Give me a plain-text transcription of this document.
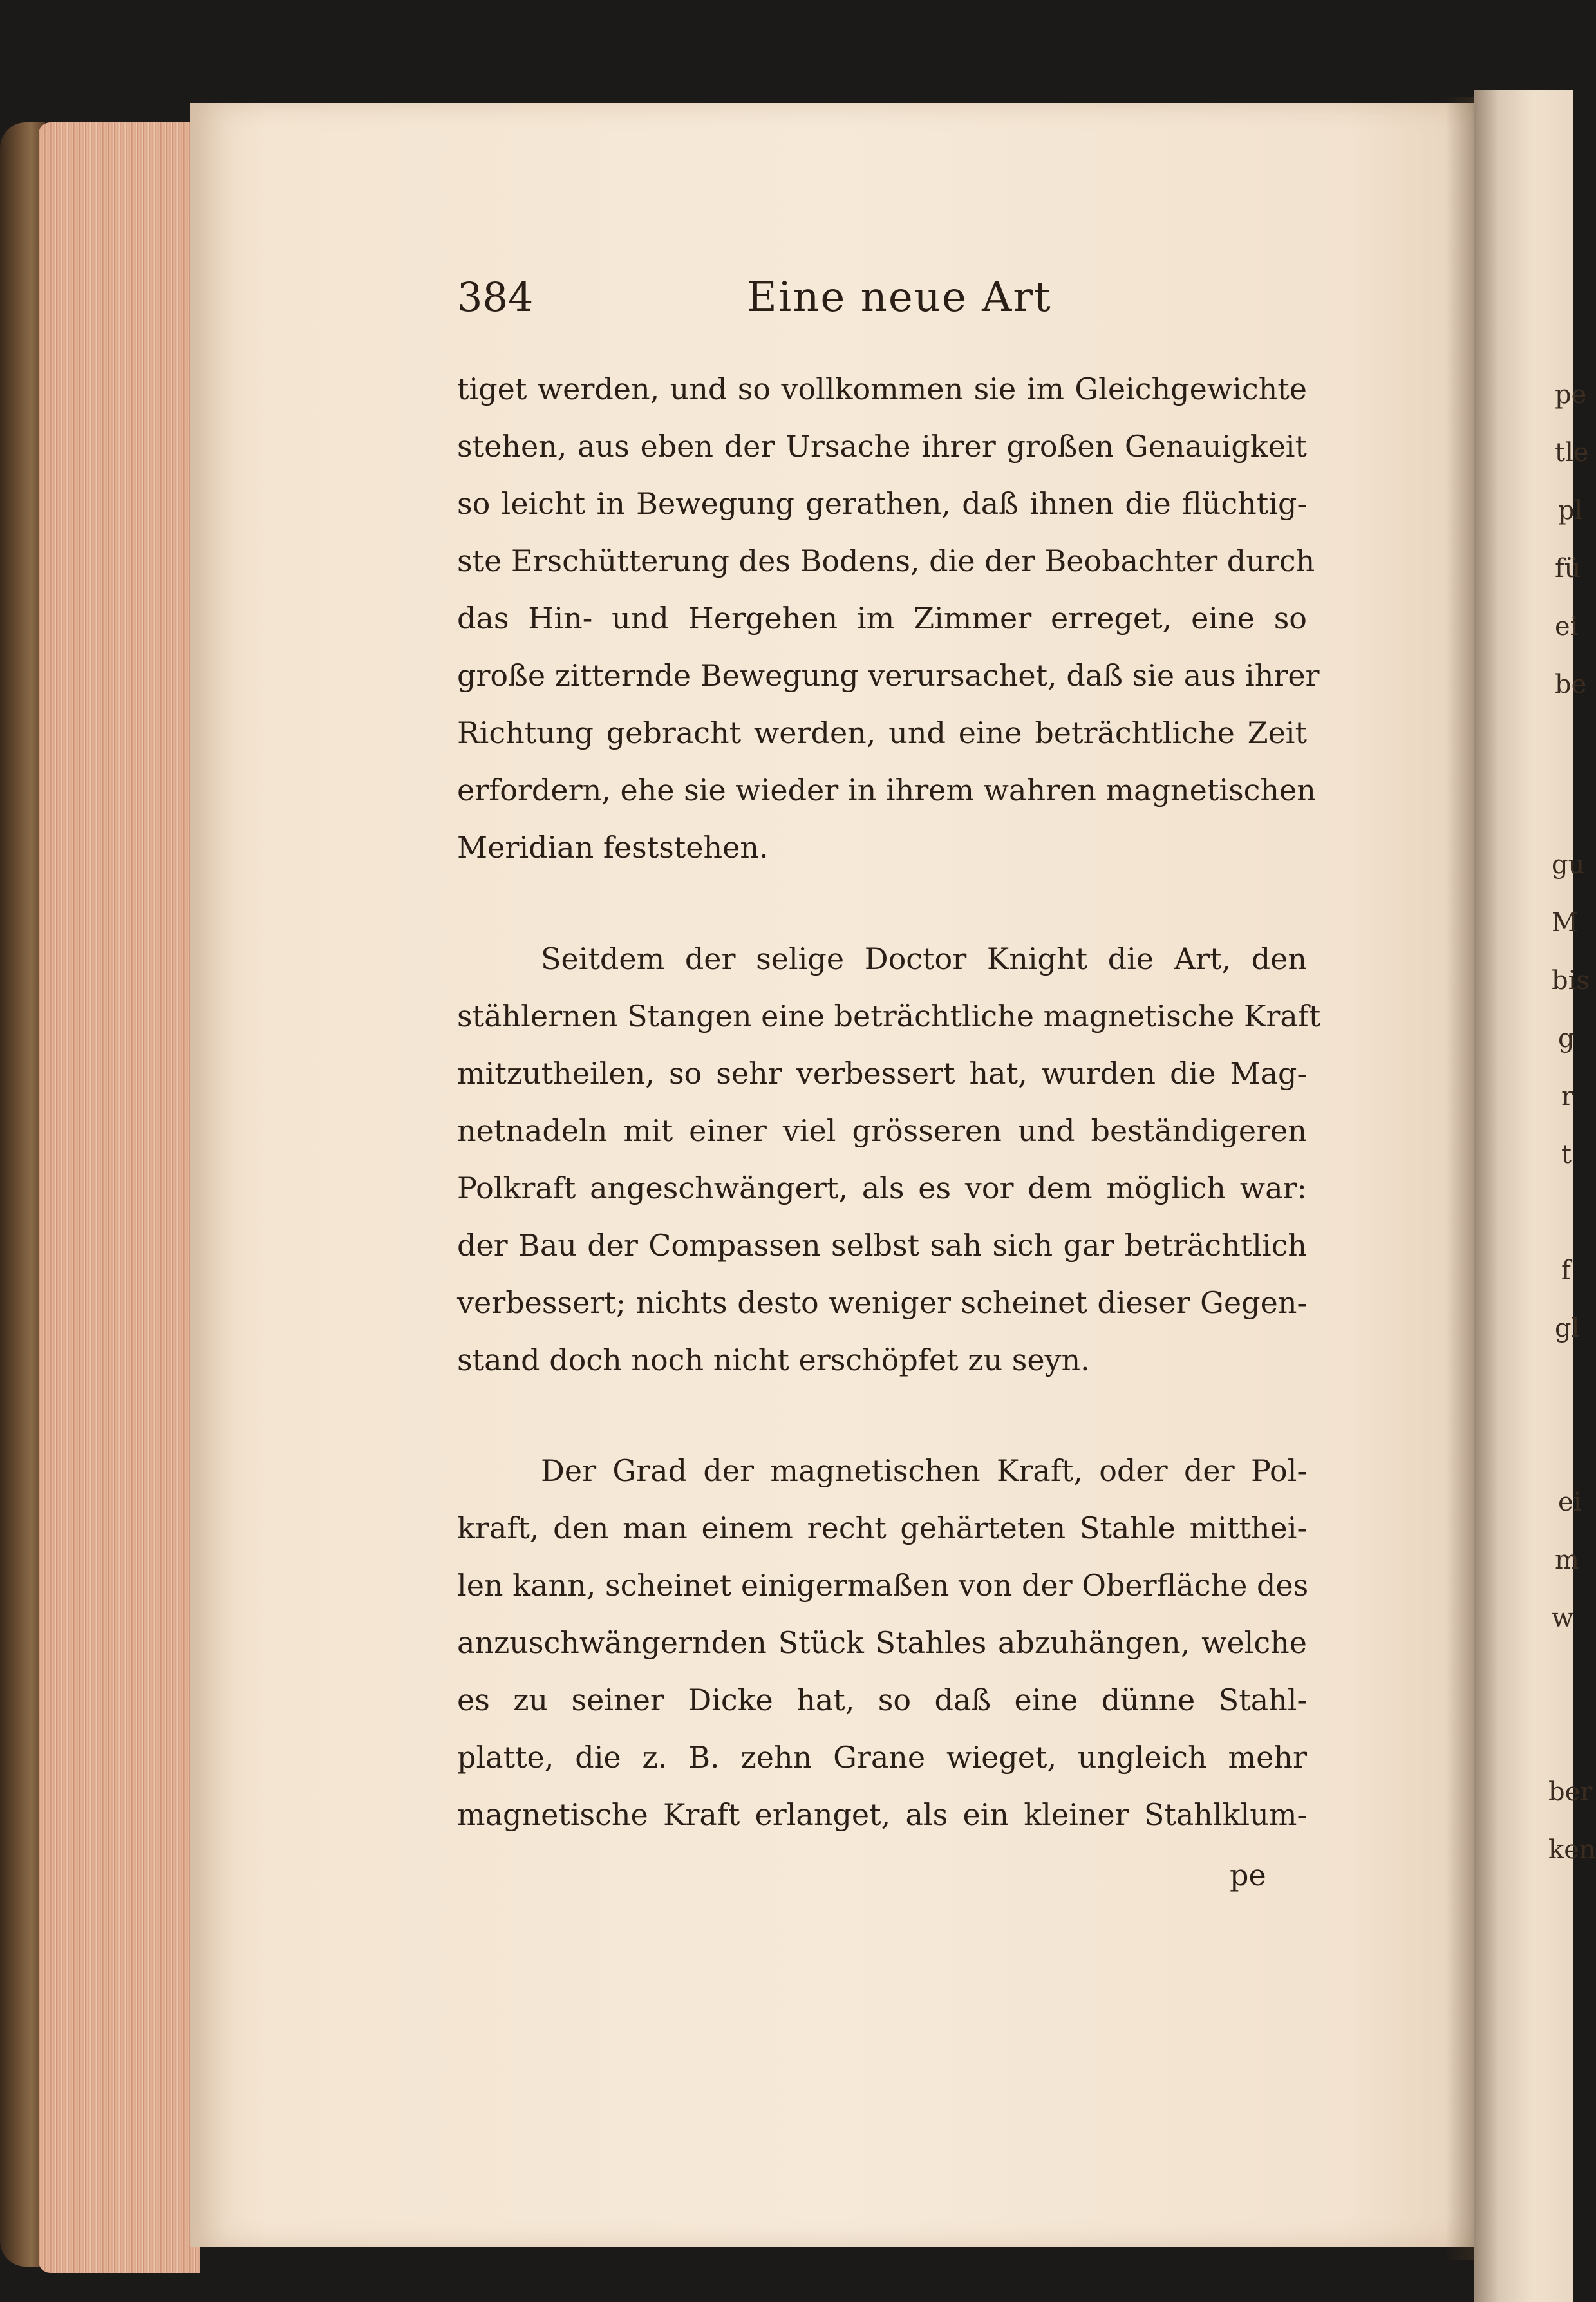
384	Eine neue Art
tiget werden, und so vollkommen sie im Gleichgewichte
stehen, aus eben der Ursache ihrer großen Genauigkeit
so leicht in Bewegung gerathen, daß ihnen die flüchtig-
ste Erschütterung des Bodens, die der Beobachter durch
das Hin- und Hergehen im Zimmer erreget, eine so
große zitternde Bewegung verursachet, daß sie aus ihrer
Richtung gebracht werden, und eine beträchtliche Zeit
erfordern, ehe sie wieder in ihrem wahren magnetischen
Meridian feststehen.
Seitdem der selige Doctor Knight die Art, den
stählernen Stangen eine beträchtliche magnetische Kraft
mitzutheilen, so sehr verbessert hat, wurden die Mag-
netnadeln mit einer viel grösseren und beständigeren
Polkraft angeschwängert, als es vor dem möglich war:
der Bau der Compassen selbst sah sich gar beträchtlich
verbessert; nichts desto weniger scheinet dieser Gegen-
stand doch noch nicht erschöpfet zu seyn.
Der Grad der magnetischen Kraft, oder der Pol-
kraft, den man einem recht gehärteten Stahle mitthei-
len kann, scheinet einigermaßen von der Oberfläche des
anzuschwängernden Stück Stahles abzuhängen, welche
es zu seiner Dicke hat, so daß eine dünne Stahl-
platte, die z. B. zehn Grane wieget, ungleich mehr
magnetische Kraft erlanget, als ein kleiner Stahlklum-
pe
pe
tle
pl
fü
ei
be
gu
M
bis
g
r
t
f
gl
ei
m
w
ber
ken
